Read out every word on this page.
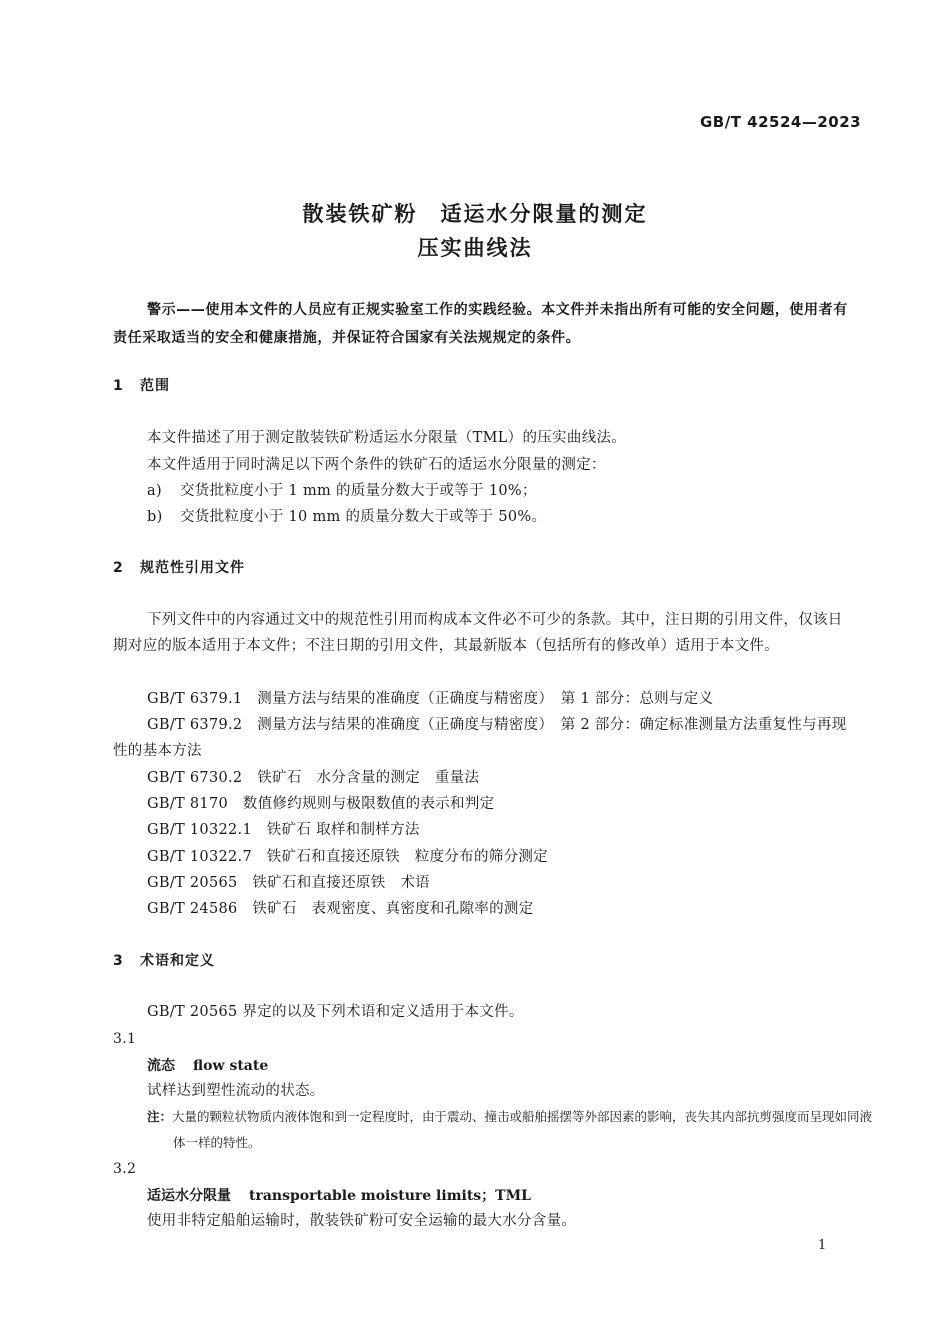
GB/T 42524—2023
散装铁矿粉　适运水分限量的测定
压实曲线法
警示——使用本文件的人员应有正规实验室工作的实践经验。本文件并未指出所有可能的安全问题，使用者有责任采取适当的安全和健康措施，并保证符合国家有关法规规定的条件。
1 范围
本文件描述了用于测定散装铁矿粉适运水分限量（TML）的压实曲线法。
本文件适用于同时满足以下两个条件的铁矿石的适运水分限量的测定：
a) 交货批粒度小于 1 mm 的质量分数大于或等于 10%；
b) 交货批粒度小于 10 mm 的质量分数大于或等于 50%。
2 规范性引用文件
下列文件中的内容通过文中的规范性引用而构成本文件必不可少的条款。其中，注日期的引用文件，仅该日期对应的版本适用于本文件；不注日期的引用文件，其最新版本（包括所有的修改单）适用于本文件。
GB/T 6379.1　测量方法与结果的准确度（正确度与精密度）　第 1 部分：总则与定义
GB/T 6379.2　测量方法与结果的准确度（正确度与精密度）　第 2 部分：确定标准测量方法重复性与再现性的基本方法
GB/T 6730.2　铁矿石　水分含量的测定　重量法
GB/T 8170　数值修约规则与极限数值的表示和判定
GB/T 10322.1　铁矿石 取样和制样方法
GB/T 10322.7　铁矿石和直接还原铁　粒度分布的筛分测定
GB/T 20565　铁矿石和直接还原铁　术语
GB/T 24586　铁矿石　表观密度、真密度和孔隙率的测定
3 术语和定义
GB/T 20565 界定的以及下列术语和定义适用于本文件。
3.1
流态 flow state
试样达到塑性流动的状态。
注：大量的颗粒状物质内液体饱和到一定程度时，由于震动、撞击或船舶摇摆等外部因素的影响，丧失其内部抗剪强度而呈现如同液体一样的特性。
3.2
适运水分限量 transportable moisture limits；TML
使用非特定船舶运输时，散装铁矿粉可安全运输的最大水分含量。
1
